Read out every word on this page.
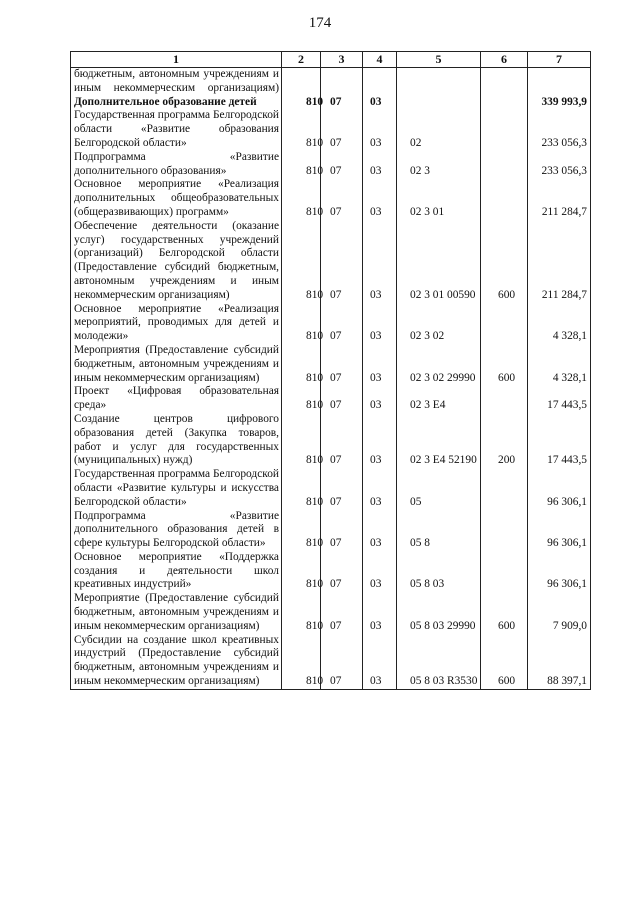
174
1	2	3	4	5	6	7
бюджетным, автономным учреждениям и иным некоммерческим организациям)						
Дополнительное образование детей	810	07	03			339 993,9
Государственная программа Белгородской области «Развитие образования Белгородской области»	810	07	03	02		233 056,3
Подпрограмма «Развитие дополнительного образования»	810	07	03	02 3		233 056,3
Основное мероприятие «Реализация дополнительных общеобразовательных (общеразвивающих) программ»	810	07	03	02 3 01		211 284,7
Обеспечение деятельности (оказание услуг) государственных учреждений (организаций) Белгородской области (Предоставление субсидий бюджетным, автономным учреждениям и иным некоммерческим организациям)	810	07	03	02 3 01 00590	600	211 284,7
Основное мероприятие «Реализация мероприятий, проводимых для детей и молодежи»	810	07	03	02 3 02		4 328,1
Мероприятия (Предоставление субсидий бюджетным, автономным учреждениям и иным некоммерческим организациям)	810	07	03	02 3 02 29990	600	4 328,1
Проект «Цифровая образовательная среда»	810	07	03	02 3 E4		17 443,5
Создание центров цифрового образования детей (Закупка товаров, работ и услуг для государственных (муниципальных) нужд)	810	07	03	02 3 E4 52190	200	17 443,5
Государственная программа Белгородской области «Развитие культуры и искусства Белгородской области»	810	07	03	05		96 306,1
Подпрограмма «Развитие дополнительного образования детей в сфере культуры Белгородской области»	810	07	03	05 8		96 306,1
Основное мероприятие «Поддержка создания и деятельности школ креативных индустрий»	810	07	03	05 8 03		96 306,1
Мероприятие (Предоставление субсидий бюджетным, автономным учреждениям и иным некоммерческим организациям)	810	07	03	05 8 03 29990	600	7 909,0
Субсидии на создание школ креативных индустрий (Предоставление субсидий бюджетным, автономным учреждениям и иным некоммерческим организациям)	810	07	03	05 8 03 R3530	600	88 397,1
